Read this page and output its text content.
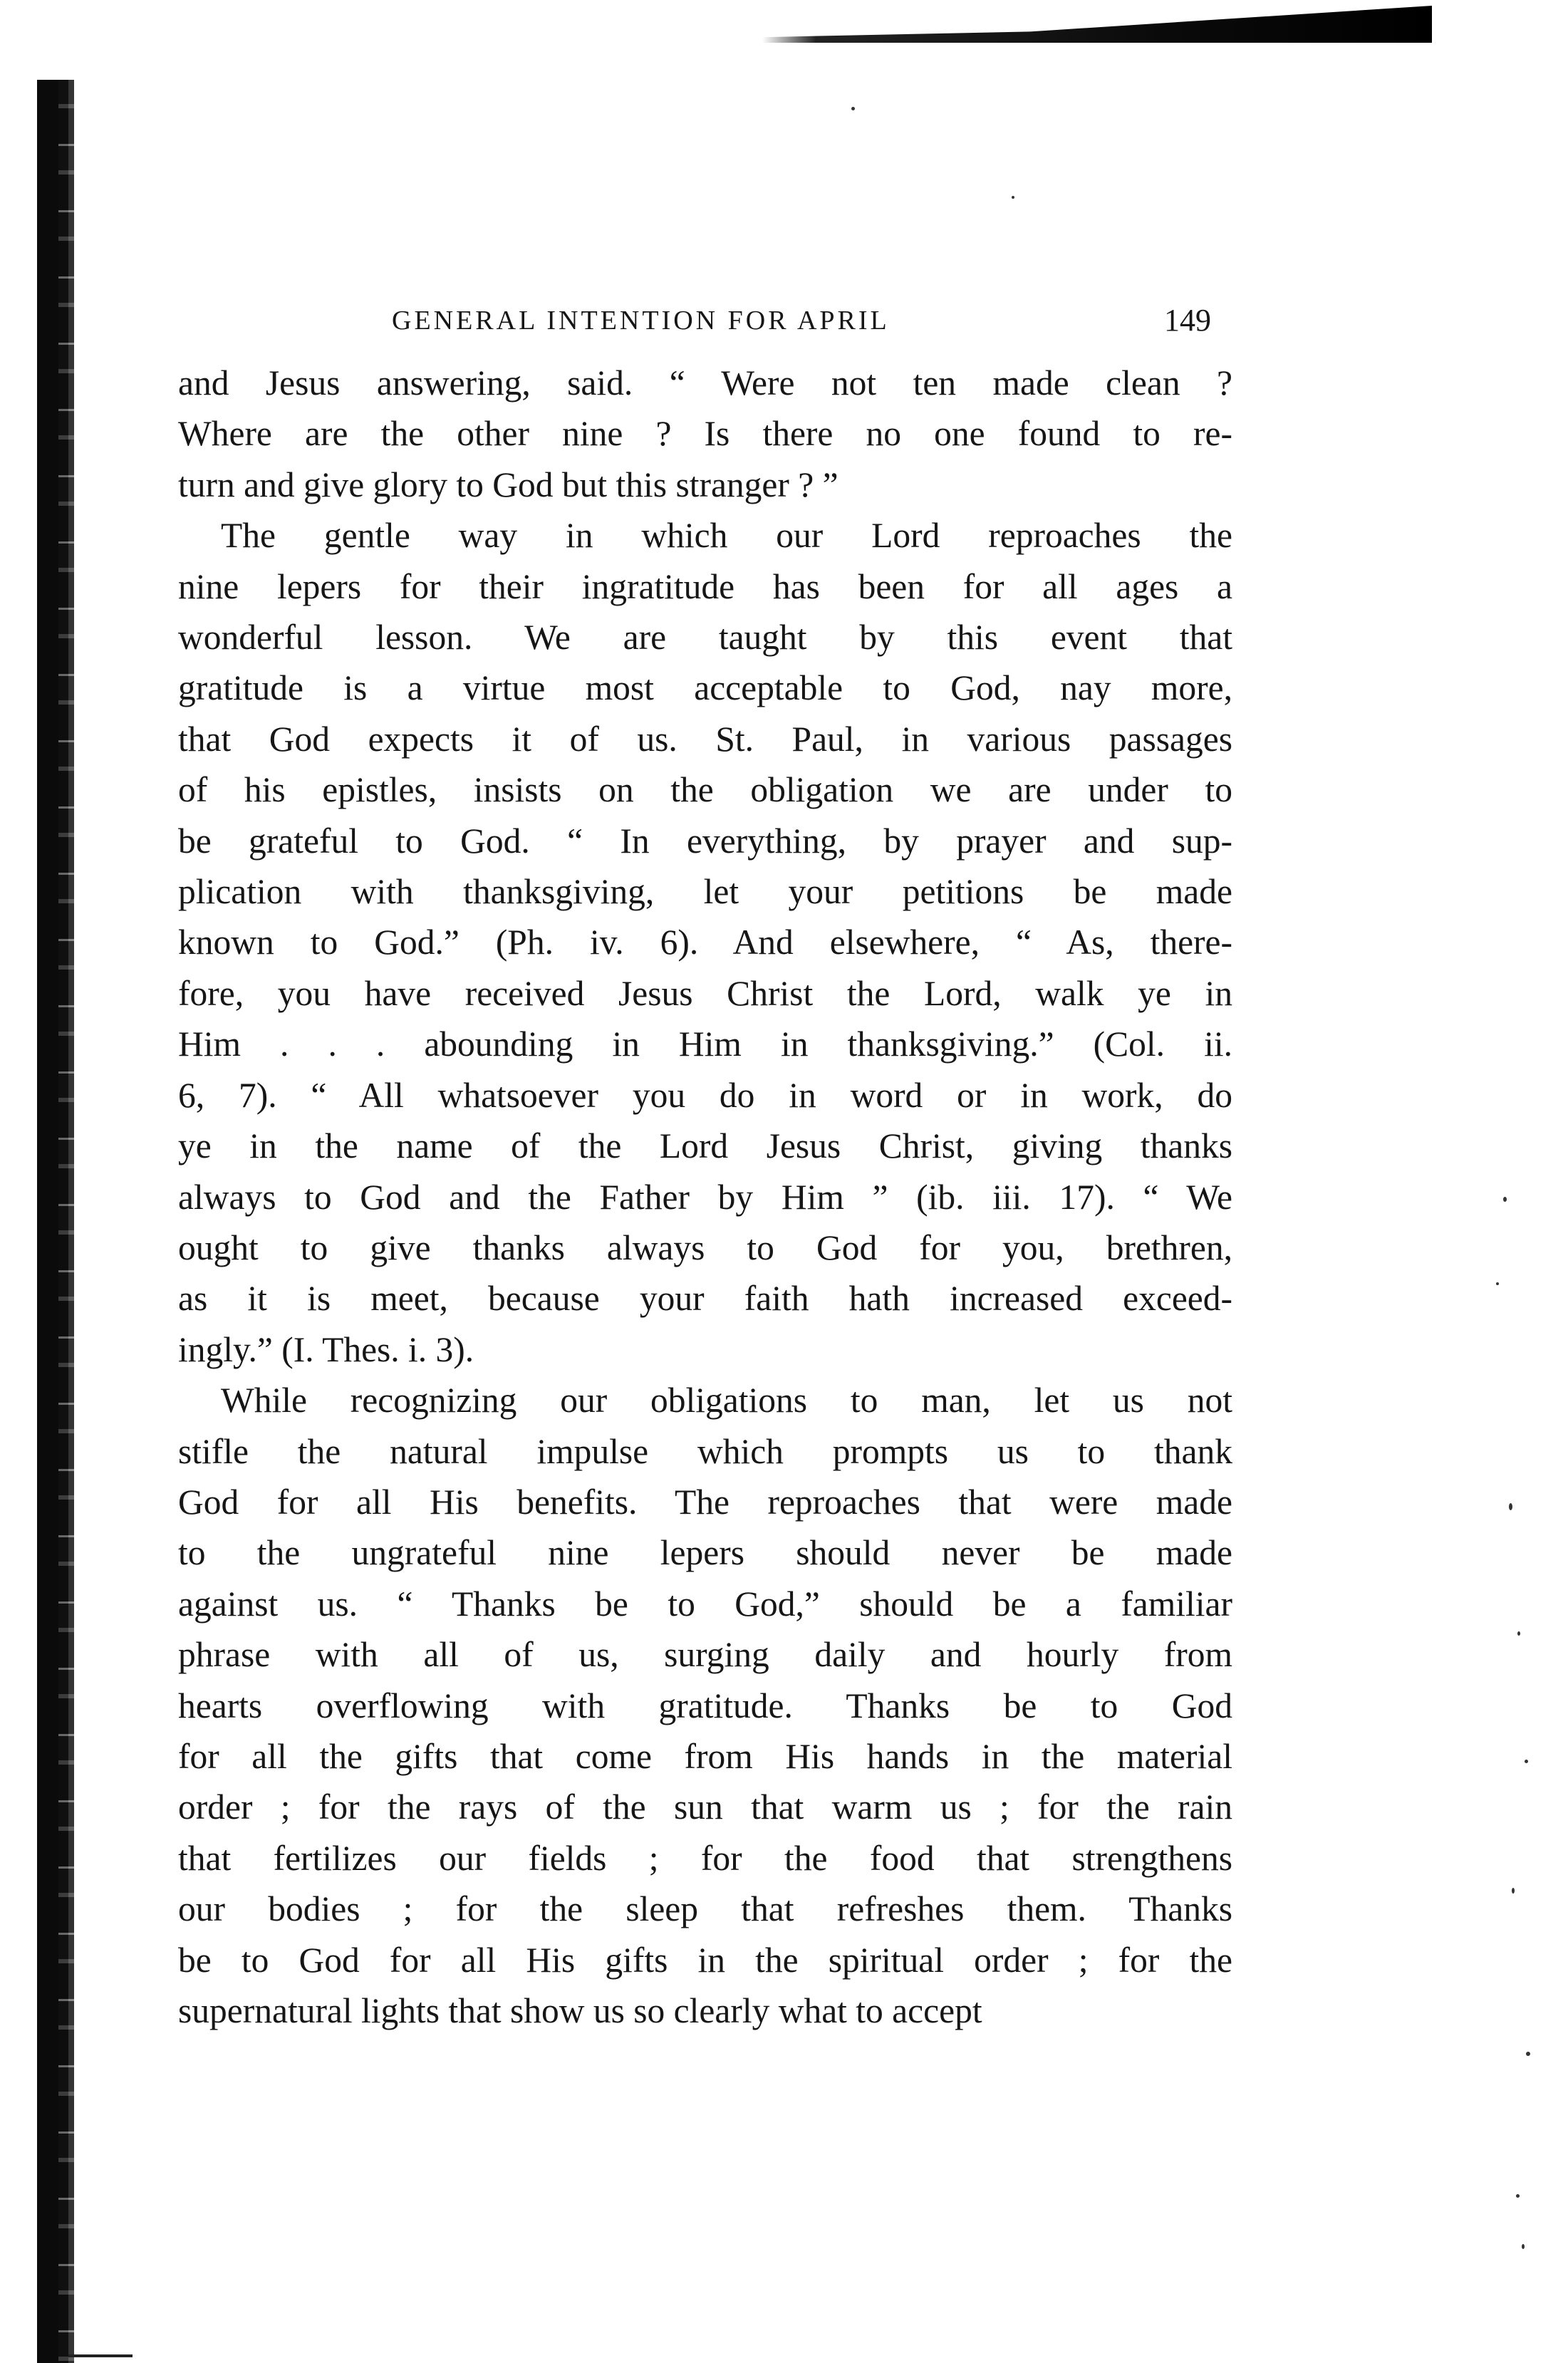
GENERAL INTENTION FOR APRIL	149

and Jesus answering, said. “ Were not ten made clean ?
Where are the other nine ? Is there no one found to re-
turn and give glory to God but this stranger ? ”

The gentle way in which our Lord reproaches the
nine lepers for their ingratitude has been for all ages a
wonderful lesson. We are taught by this event that
gratitude is a virtue most acceptable to God, nay more,
that God expects it of us. St. Paul, in various passages
of his epistles, insists on the obligation we are under to
be grateful to God. “ In everything, by prayer and sup-
plication with thanksgiving, let your petitions be made
known to God.” (Ph. iv. 6). And elsewhere, “ As, there-
fore, you have received Jesus Christ the Lord, walk ye in
Him . . . abounding in Him in thanksgiving.” (Col. ii.
6, 7). “ All whatsoever you do in word or in work, do
ye in the name of the Lord Jesus Christ, giving thanks
always to God and the Father by Him ” (ib. iii. 17). “ We
ought to give thanks always to God for you, brethren,
as it is meet, because your faith hath increased exceed-
ingly.” (I. Thes. i. 3).

While recognizing our obligations to man, let us not
stifle the natural impulse which prompts us to thank
God for all His benefits. The reproaches that were made
to the ungrateful nine lepers should never be made
against us. “ Thanks be to God,” should be a familiar
phrase with all of us, surging daily and hourly from
hearts overflowing with gratitude. Thanks be to God
for all the gifts that come from His hands in the material
order ; for the rays of the sun that warm us ; for the rain
that fertilizes our fields ; for the food that strengthens
our bodies ; for the sleep that refreshes them. Thanks
be to God for all His gifts in the spiritual order ; for the
supernatural lights that show us so clearly what to accept
